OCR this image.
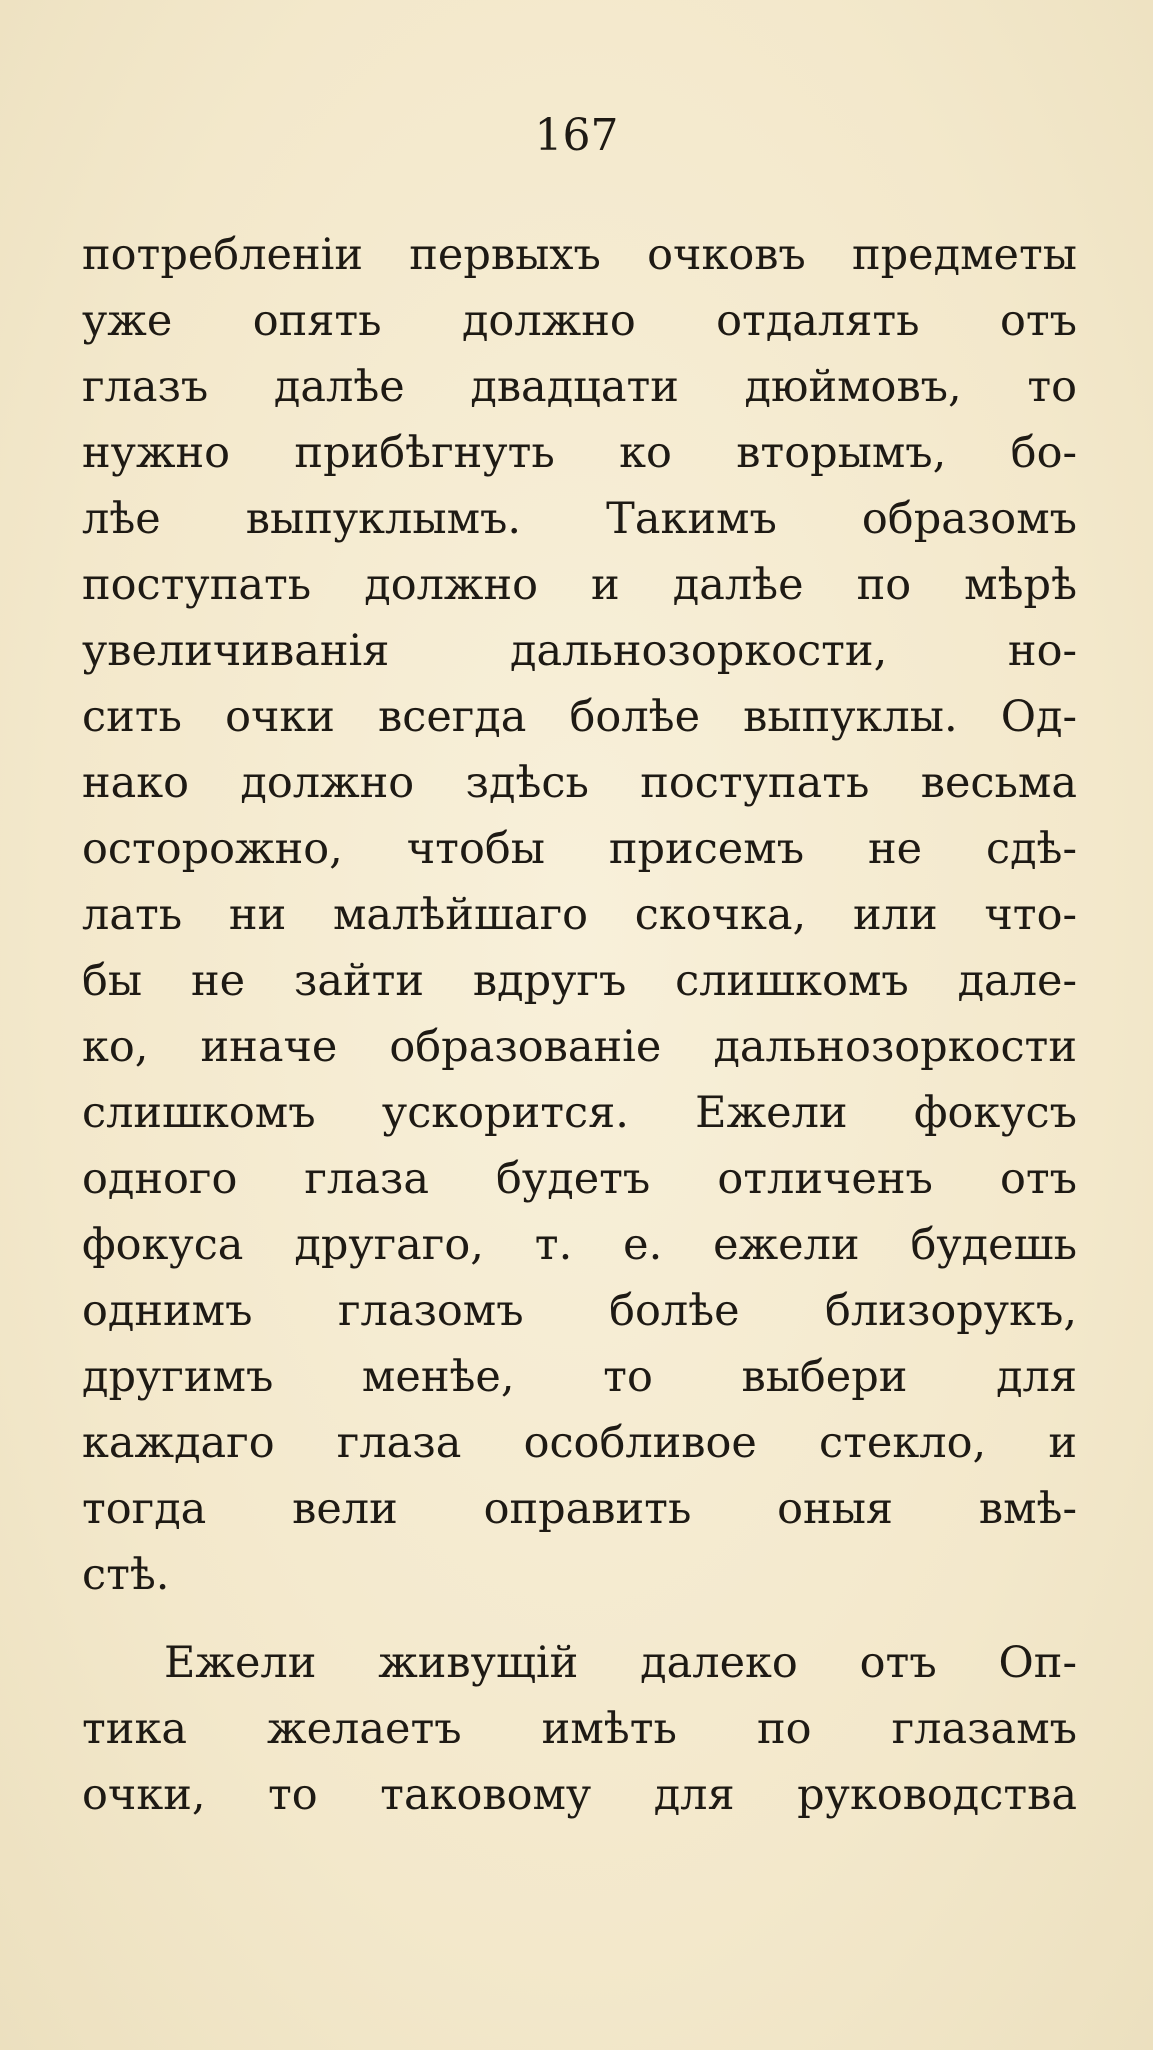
167
потребленіи первыхъ очковъ предметы
уже опять должно отдалять отъ
глазъ далѣе двадцати дюймовъ, то
нужно прибѣгнуть ко вторымъ, бо-
лѣе выпуклымъ. Такимъ образомъ
поступать должно и далѣе по мѣрѣ
увеличиванія дальнозоркости, но-
сить очки всегда болѣе выпуклы. Од-
нако должно здѣсь поступать весьма
осторожно, чтобы присемъ не сдѣ-
лать ни малѣйшаго скочка, или что-
бы не зайти вдругъ слишкомъ дале-
ко, иначе образованіе дальнозоркости
слишкомъ ускорится. Ежели фокусъ
одного глаза будетъ отличенъ отъ
фокуса другаго, т. е. ежели будешь
однимъ глазомъ болѣе близорукъ,
другимъ менѣе, то выбери для
каждаго глаза особливое стекло, и
тогда вели оправить оныя вмѣ-
стѣ.
Ежели живущій далеко отъ Оп-
тика желаетъ имѣть по глазамъ
очки, то таковому для руководства
